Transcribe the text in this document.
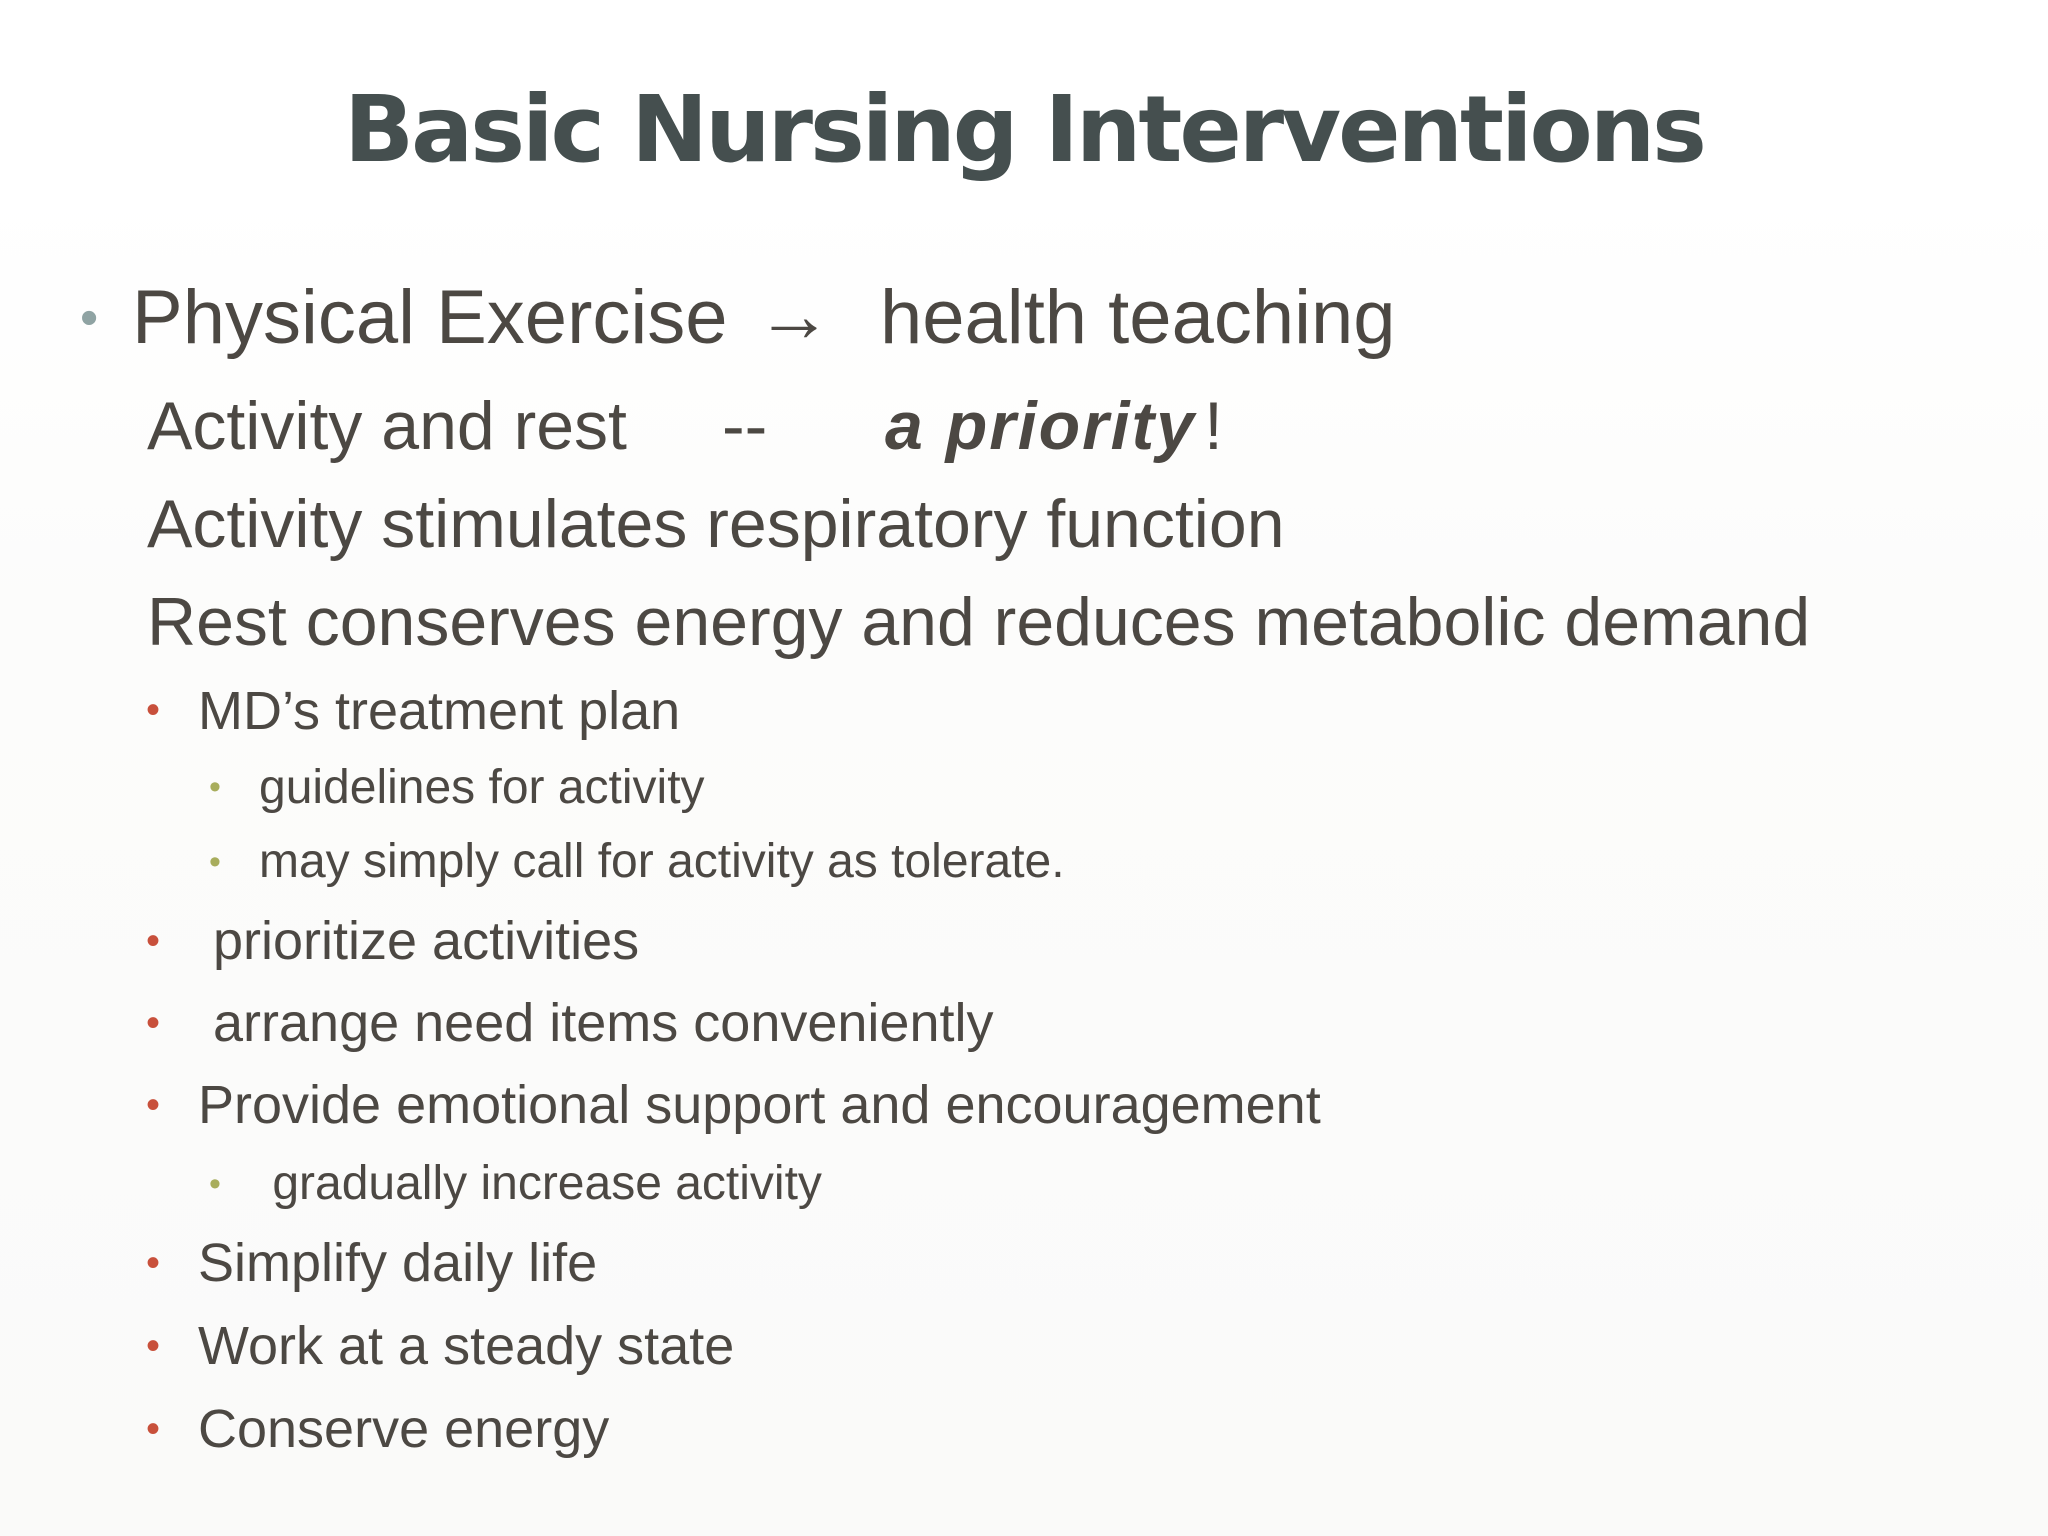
Basic Nursing Interventions
• Physical Exercise → health teaching
Activity and rest -- a priority !
Activity stimulates respiratory function
Rest conserves energy and reduces metabolic demand
• MD’s treatment plan
• guidelines for activity
• may simply call for activity as tolerate.
• prioritize activities
• arrange need items conveniently
• Provide emotional support and encouragement
• gradually increase activity
• Simplify daily life
• Work at a steady state
• Conserve energy
